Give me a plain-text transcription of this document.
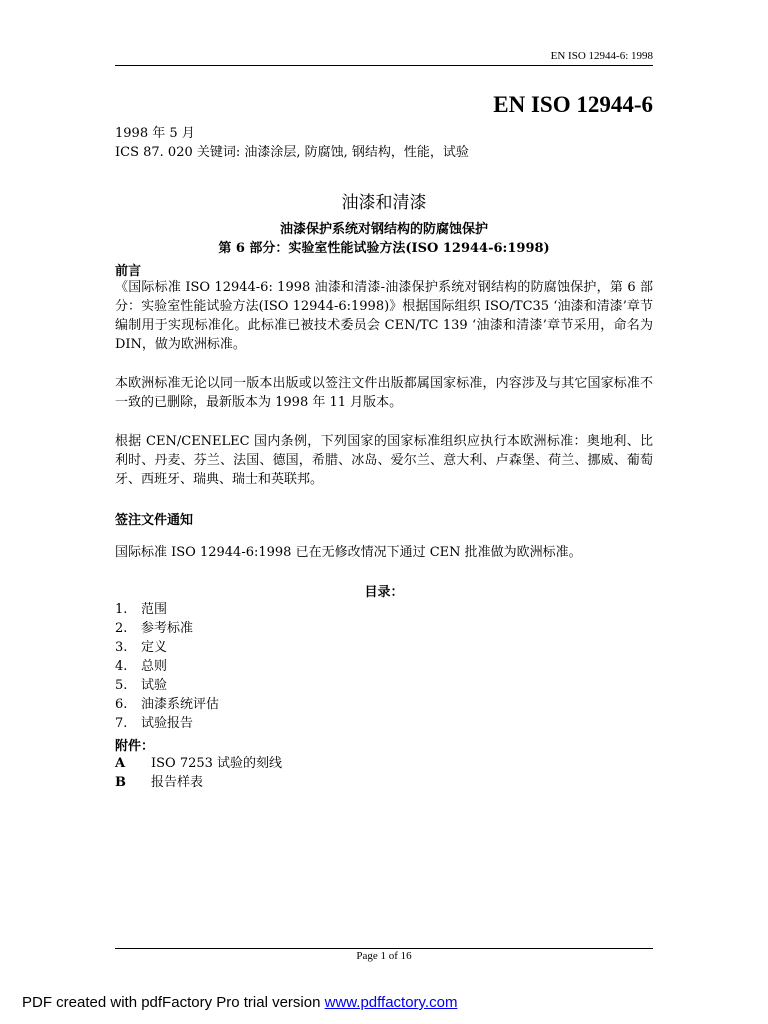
EN ISO 12944-6: 1998
EN ISO 12944-6
1998 年 5 月
ICS 87. 020 关键词: 油漆涂层, 防腐蚀, 钢结构，性能，试验
油漆和清漆
油漆保护系统对钢结构的防腐蚀保护
第 6 部分：实验室性能试验方法(ISO 12944-6:1998)
前言
《国际标准 ISO 12944-6: 1998 油漆和清漆-油漆保护系统对钢结构的防腐蚀保护，第 6 部分：实验室性能试验方法(ISO 12944-6:1998)》根据国际组织 ISO/TC35 ‘油漆和清漆’章节编制用于实现标准化。此标准已被技术委员会 CEN/TC 139 ‘油漆和清漆’章节采用，命名为 DIN，做为欧洲标准。
本欧洲标准无论以同一版本出版或以签注文件出版都属国家标准，内容涉及与其它国家标准不一致的已删除，最新版本为 1998 年 11 月版本。
根据 CEN/CENELEC 国内条例，下列国家的国家标准组织应执行本欧洲标准：奥地利、比利时、丹麦、芬兰、法国、德国，希腊、冰岛、爱尔兰、意大利、卢森堡、荷兰、挪威、葡萄牙、西班牙、瑞典、瑞士和英联邦。
签注文件通知
国际标准 ISO 12944-6:1998 已在无修改情况下通过 CEN 批准做为欧洲标准。
目录：
1.	范围
2.	参考标准
3.	定义
4.	总则
5.	试验
6.	油漆系统评估
7.	试验报告
附件：
A	ISO 7253 试验的刻线
B	报告样表
Page 1 of 16
PDF created with pdfFactory Pro trial version www.pdffactory.com
